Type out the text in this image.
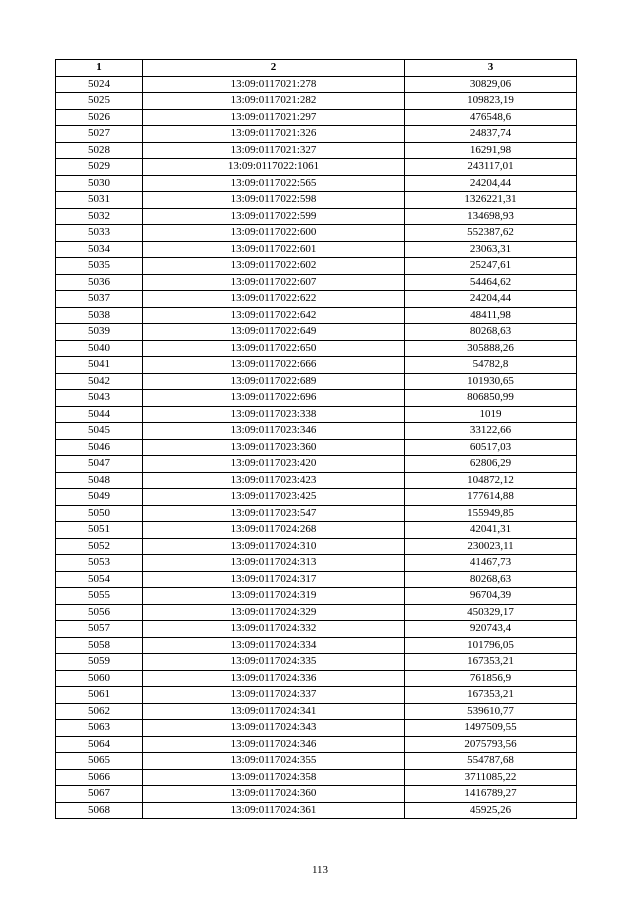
1	2	3
5024	13:09:0117021:278	30829,06
5025	13:09:0117021:282	109823,19
5026	13:09:0117021:297	476548,6
5027	13:09:0117021:326	24837,74
5028	13:09:0117021:327	16291,98
5029	13:09:0117022:1061	243117,01
5030	13:09:0117022:565	24204,44
5031	13:09:0117022:598	1326221,31
5032	13:09:0117022:599	134698,93
5033	13:09:0117022:600	552387,62
5034	13:09:0117022:601	23063,31
5035	13:09:0117022:602	25247,61
5036	13:09:0117022:607	54464,62
5037	13:09:0117022:622	24204,44
5038	13:09:0117022:642	48411,98
5039	13:09:0117022:649	80268,63
5040	13:09:0117022:650	305888,26
5041	13:09:0117022:666	54782,8
5042	13:09:0117022:689	101930,65
5043	13:09:0117022:696	806850,99
5044	13:09:0117023:338	1019
5045	13:09:0117023:346	33122,66
5046	13:09:0117023:360	60517,03
5047	13:09:0117023:420	62806,29
5048	13:09:0117023:423	104872,12
5049	13:09:0117023:425	177614,88
5050	13:09:0117023:547	155949,85
5051	13:09:0117024:268	42041,31
5052	13:09:0117024:310	230023,11
5053	13:09:0117024:313	41467,73
5054	13:09:0117024:317	80268,63
5055	13:09:0117024:319	96704,39
5056	13:09:0117024:329	450329,17
5057	13:09:0117024:332	920743,4
5058	13:09:0117024:334	101796,05
5059	13:09:0117024:335	167353,21
5060	13:09:0117024:336	761856,9
5061	13:09:0117024:337	167353,21
5062	13:09:0117024:341	539610,77
5063	13:09:0117024:343	1497509,55
5064	13:09:0117024:346	2075793,56
5065	13:09:0117024:355	554787,68
5066	13:09:0117024:358	3711085,22
5067	13:09:0117024:360	1416789,27
5068	13:09:0117024:361	45925,26
113
